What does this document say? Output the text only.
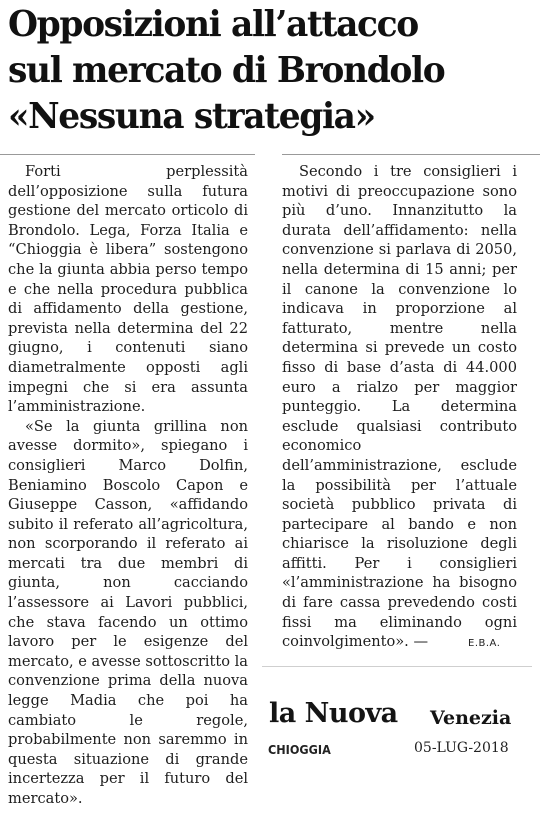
Opposizioni all’attacco
sul mercato di Brondolo
«Nessuna strategia»

Forti perplessità dell’opposizione sulla futura gestione del mercato orticolo di Brondolo. Lega, Forza Italia e “Chioggia è libera” sostengono che la giunta abbia perso tempo e che nella procedura pubblica di affidamento della gestione, prevista nella determina del 22 giugno, i contenuti siano diametralmente opposti agli impegni che si era assunta l’amministrazione.

«Se la giunta grillina non avesse dormito», spiegano i consiglieri Marco Dolfin, Beniamino Boscolo Capon e Giuseppe Casson, «affidando subito il referato all’agricoltura, non scorporando il referato ai mercati tra due membri di giunta, non cacciando l’assessore ai Lavori pubblici, che stava facendo un ottimo lavoro per le esigenze del mercato, e avesse sottoscritto la convenzione prima della nuova legge Madia che poi ha cambiato le regole, probabilmente non saremmo in questa situazione di grande incertezza per il futuro del mercato».

Secondo i tre consiglieri i motivi di preoccupazione sono più d’uno. Innanzitutto la durata dell’affidamento: nella convenzione si parlava di 2050, nella determina di 15 anni; per il canone la convenzione lo indicava in proporzione al fatturato, mentre nella determina si prevede un costo fisso di base d’asta di 44.000 euro a rialzo per maggior punteggio. La determina esclude qualsiasi contributo economico dell’amministrazione, esclude la possibilità per l’attuale società pubblico privata di partecipare al bando e non chiarisce la risoluzione degli affitti. Per i consiglieri «l’amministrazione ha bisogno di fare cassa prevedendo costi fissi ma eliminando ogni coinvolgimento». —	E.B.A.
la Nuova Venezia
CHIOGGIA	05-LUG-2018
